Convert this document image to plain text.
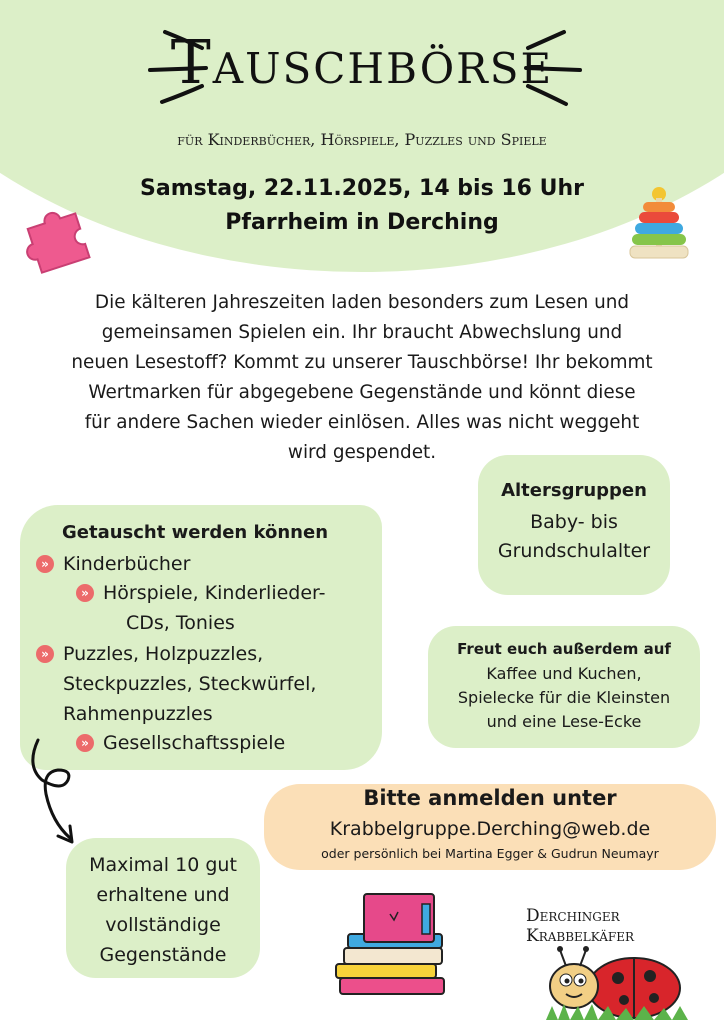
Tauschbörse
für Kinderbücher, Hörspiele, Puzzles und Spiele
Samstag, 22.11.2025, 14 bis 16 Uhr
Pfarrheim in Derching
Die kälteren Jahreszeiten laden besonders zum Lesen und
gemeinsamen Spielen ein. Ihr braucht Abwechslung und
neuen Lesestoff? Kommt zu unserer Tauschbörse! Ihr bekommt
Wertmarken für abgegebene Gegenstände und könnt diese
für andere Sachen wieder einlösen. Alles was nicht weggeht
wird gespendet.
Getauscht werden können
» Kinderbücher
» Hörspiele, Kinderlieder-
CDs, Tonies
» Puzzles, Holzpuzzles,
Steckpuzzles, Steckwürfel,
Rahmenpuzzles
» Gesellschaftsspiele
Altersgruppen
Baby- bis
Grundschulalter
Freut euch außerdem auf
Kaffee und Kuchen,
Spielecke für die Kleinsten
und eine Lese-Ecke
Bitte anmelden unter
Krabbelgruppe.Derching@web.de
oder persönlich bei Martina Egger & Gudrun Neumayr
Maximal 10 gut
erhaltene und
vollständige
Gegenstände
Derchinger Krabbelkäfer
